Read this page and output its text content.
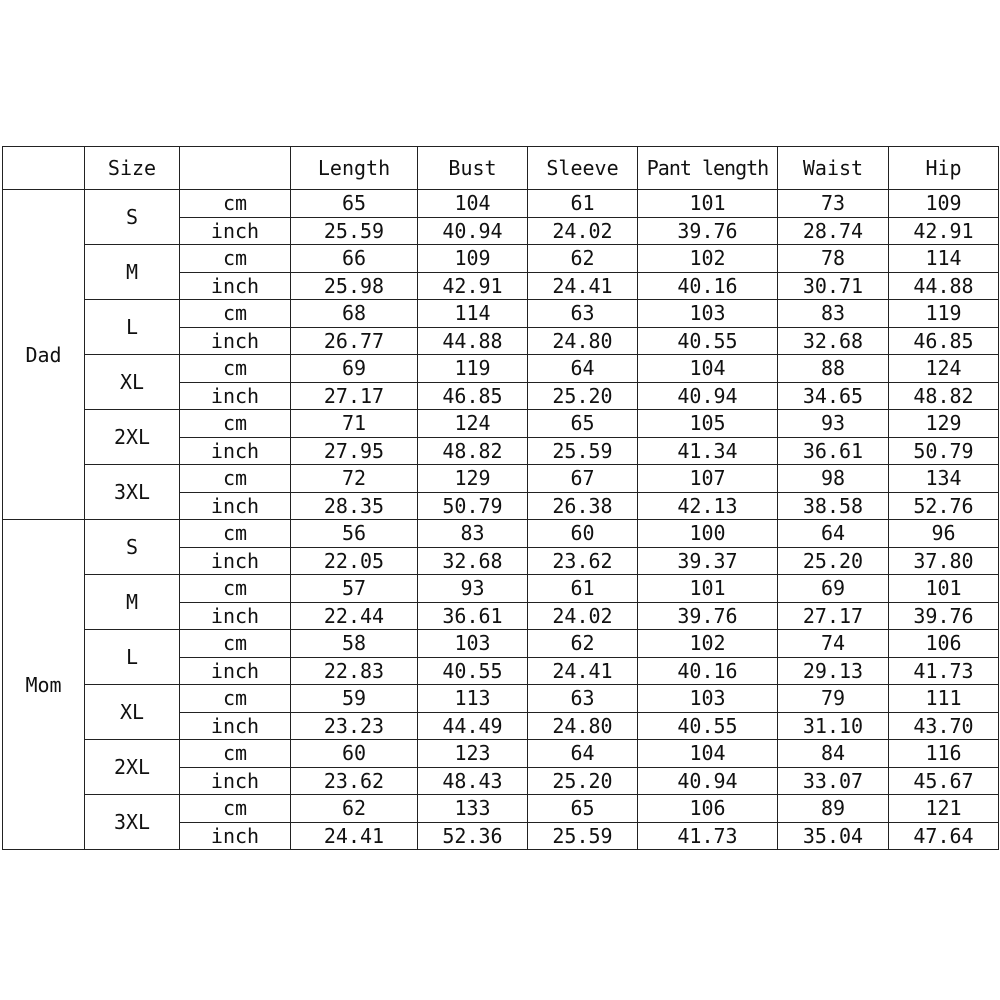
	Size		Length	Bust	Sleeve	Pant length	Waist	Hip
Dad	S	cm	65	104	61	101	73	109
		inch	25.59	40.94	24.02	39.76	28.74	42.91
	M	cm	66	109	62	102	78	114
		inch	25.98	42.91	24.41	40.16	30.71	44.88
	L	cm	68	114	63	103	83	119
		inch	26.77	44.88	24.80	40.55	32.68	46.85
	XL	cm	69	119	64	104	88	124
		inch	27.17	46.85	25.20	40.94	34.65	48.82
	2XL	cm	71	124	65	105	93	129
		inch	27.95	48.82	25.59	41.34	36.61	50.79
	3XL	cm	72	129	67	107	98	134
		inch	28.35	50.79	26.38	42.13	38.58	52.76
Mom	S	cm	56	83	60	100	64	96
		inch	22.05	32.68	23.62	39.37	25.20	37.80
	M	cm	57	93	61	101	69	101
		inch	22.44	36.61	24.02	39.76	27.17	39.76
	L	cm	58	103	62	102	74	106
		inch	22.83	40.55	24.41	40.16	29.13	41.73
	XL	cm	59	113	63	103	79	111
		inch	23.23	44.49	24.80	40.55	31.10	43.70
	2XL	cm	60	123	64	104	84	116
		inch	23.62	48.43	25.20	40.94	33.07	45.67
	3XL	cm	62	133	65	106	89	121
		inch	24.41	52.36	25.59	41.73	35.04	47.64
